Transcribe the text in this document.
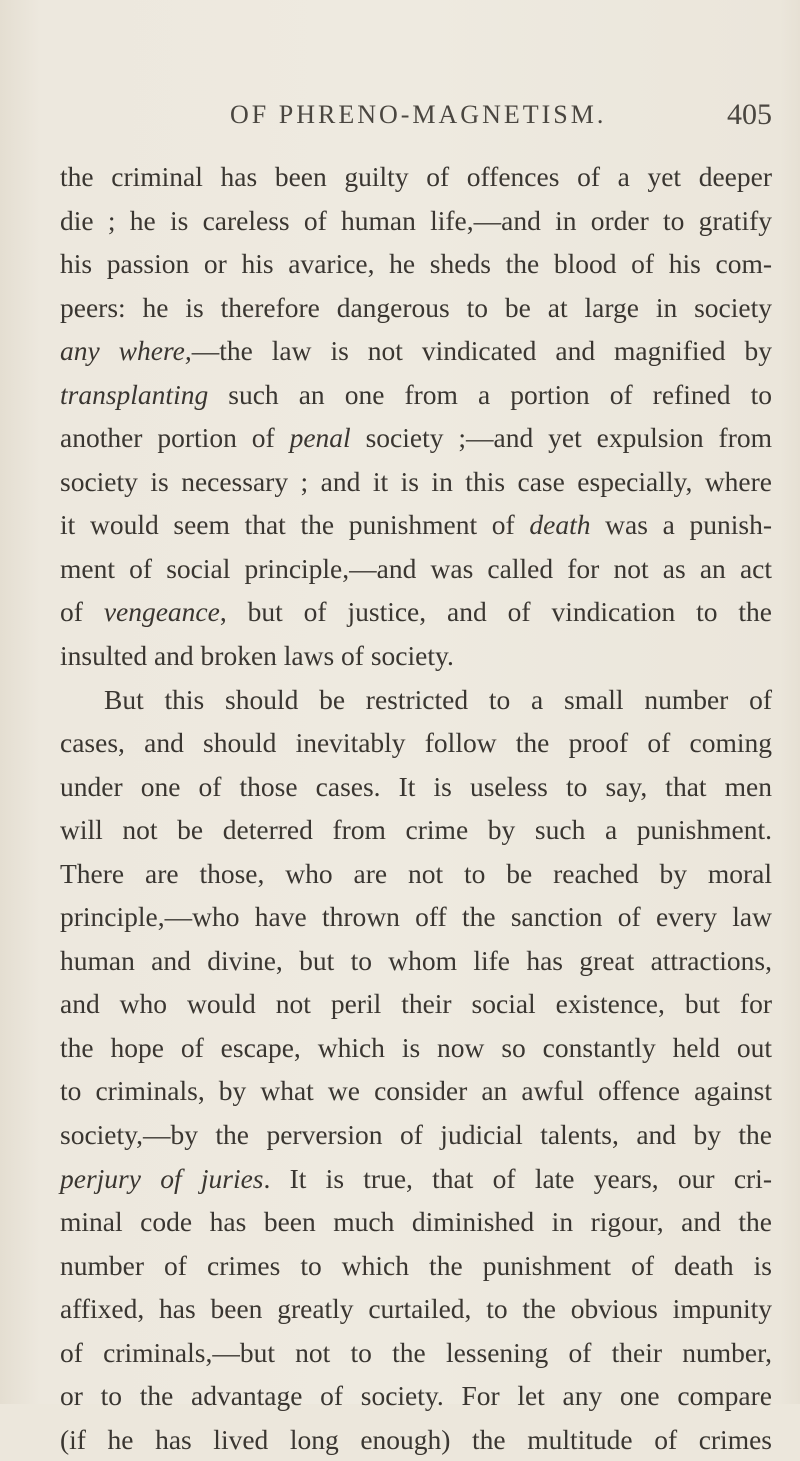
OF PHRENO-MAGNETISM.	405
the criminal has been guilty of offences of a yet deeper
die ; he is careless of human life,—and in order to gratify
his passion or his avarice, he sheds the blood of his com-
peers: he is therefore dangerous to be at large in society
any where,—the law is not vindicated and magnified by
transplanting such an one from a portion of refined to
another portion of penal society ;—and yet expulsion from
society is necessary ; and it is in this case especially, where
it would seem that the punishment of death was a punish-
ment of social principle,—and was called for not as an act
of vengeance, but of justice, and of vindication to the
insulted and broken laws of society.
But this should be restricted to a small number of
cases, and should inevitably follow the proof of coming
under one of those cases. It is useless to say, that men
will not be deterred from crime by such a punishment.
There are those, who are not to be reached by moral
principle,—who have thrown off the sanction of every law
human and divine, but to whom life has great attractions,
and who would not peril their social existence, but for
the hope of escape, which is now so constantly held out
to criminals, by what we consider an awful offence against
society,—by the perversion of judicial talents, and by the
perjury of juries. It is true, that of late years, our cri-
minal code has been much diminished in rigour, and the
number of crimes to which the punishment of death is
affixed, has been greatly curtailed, to the obvious impunity
of criminals,—but not to the lessening of their number,
or to the advantage of society. For let any one compare
(if he has lived long enough) the multitude of crimes
